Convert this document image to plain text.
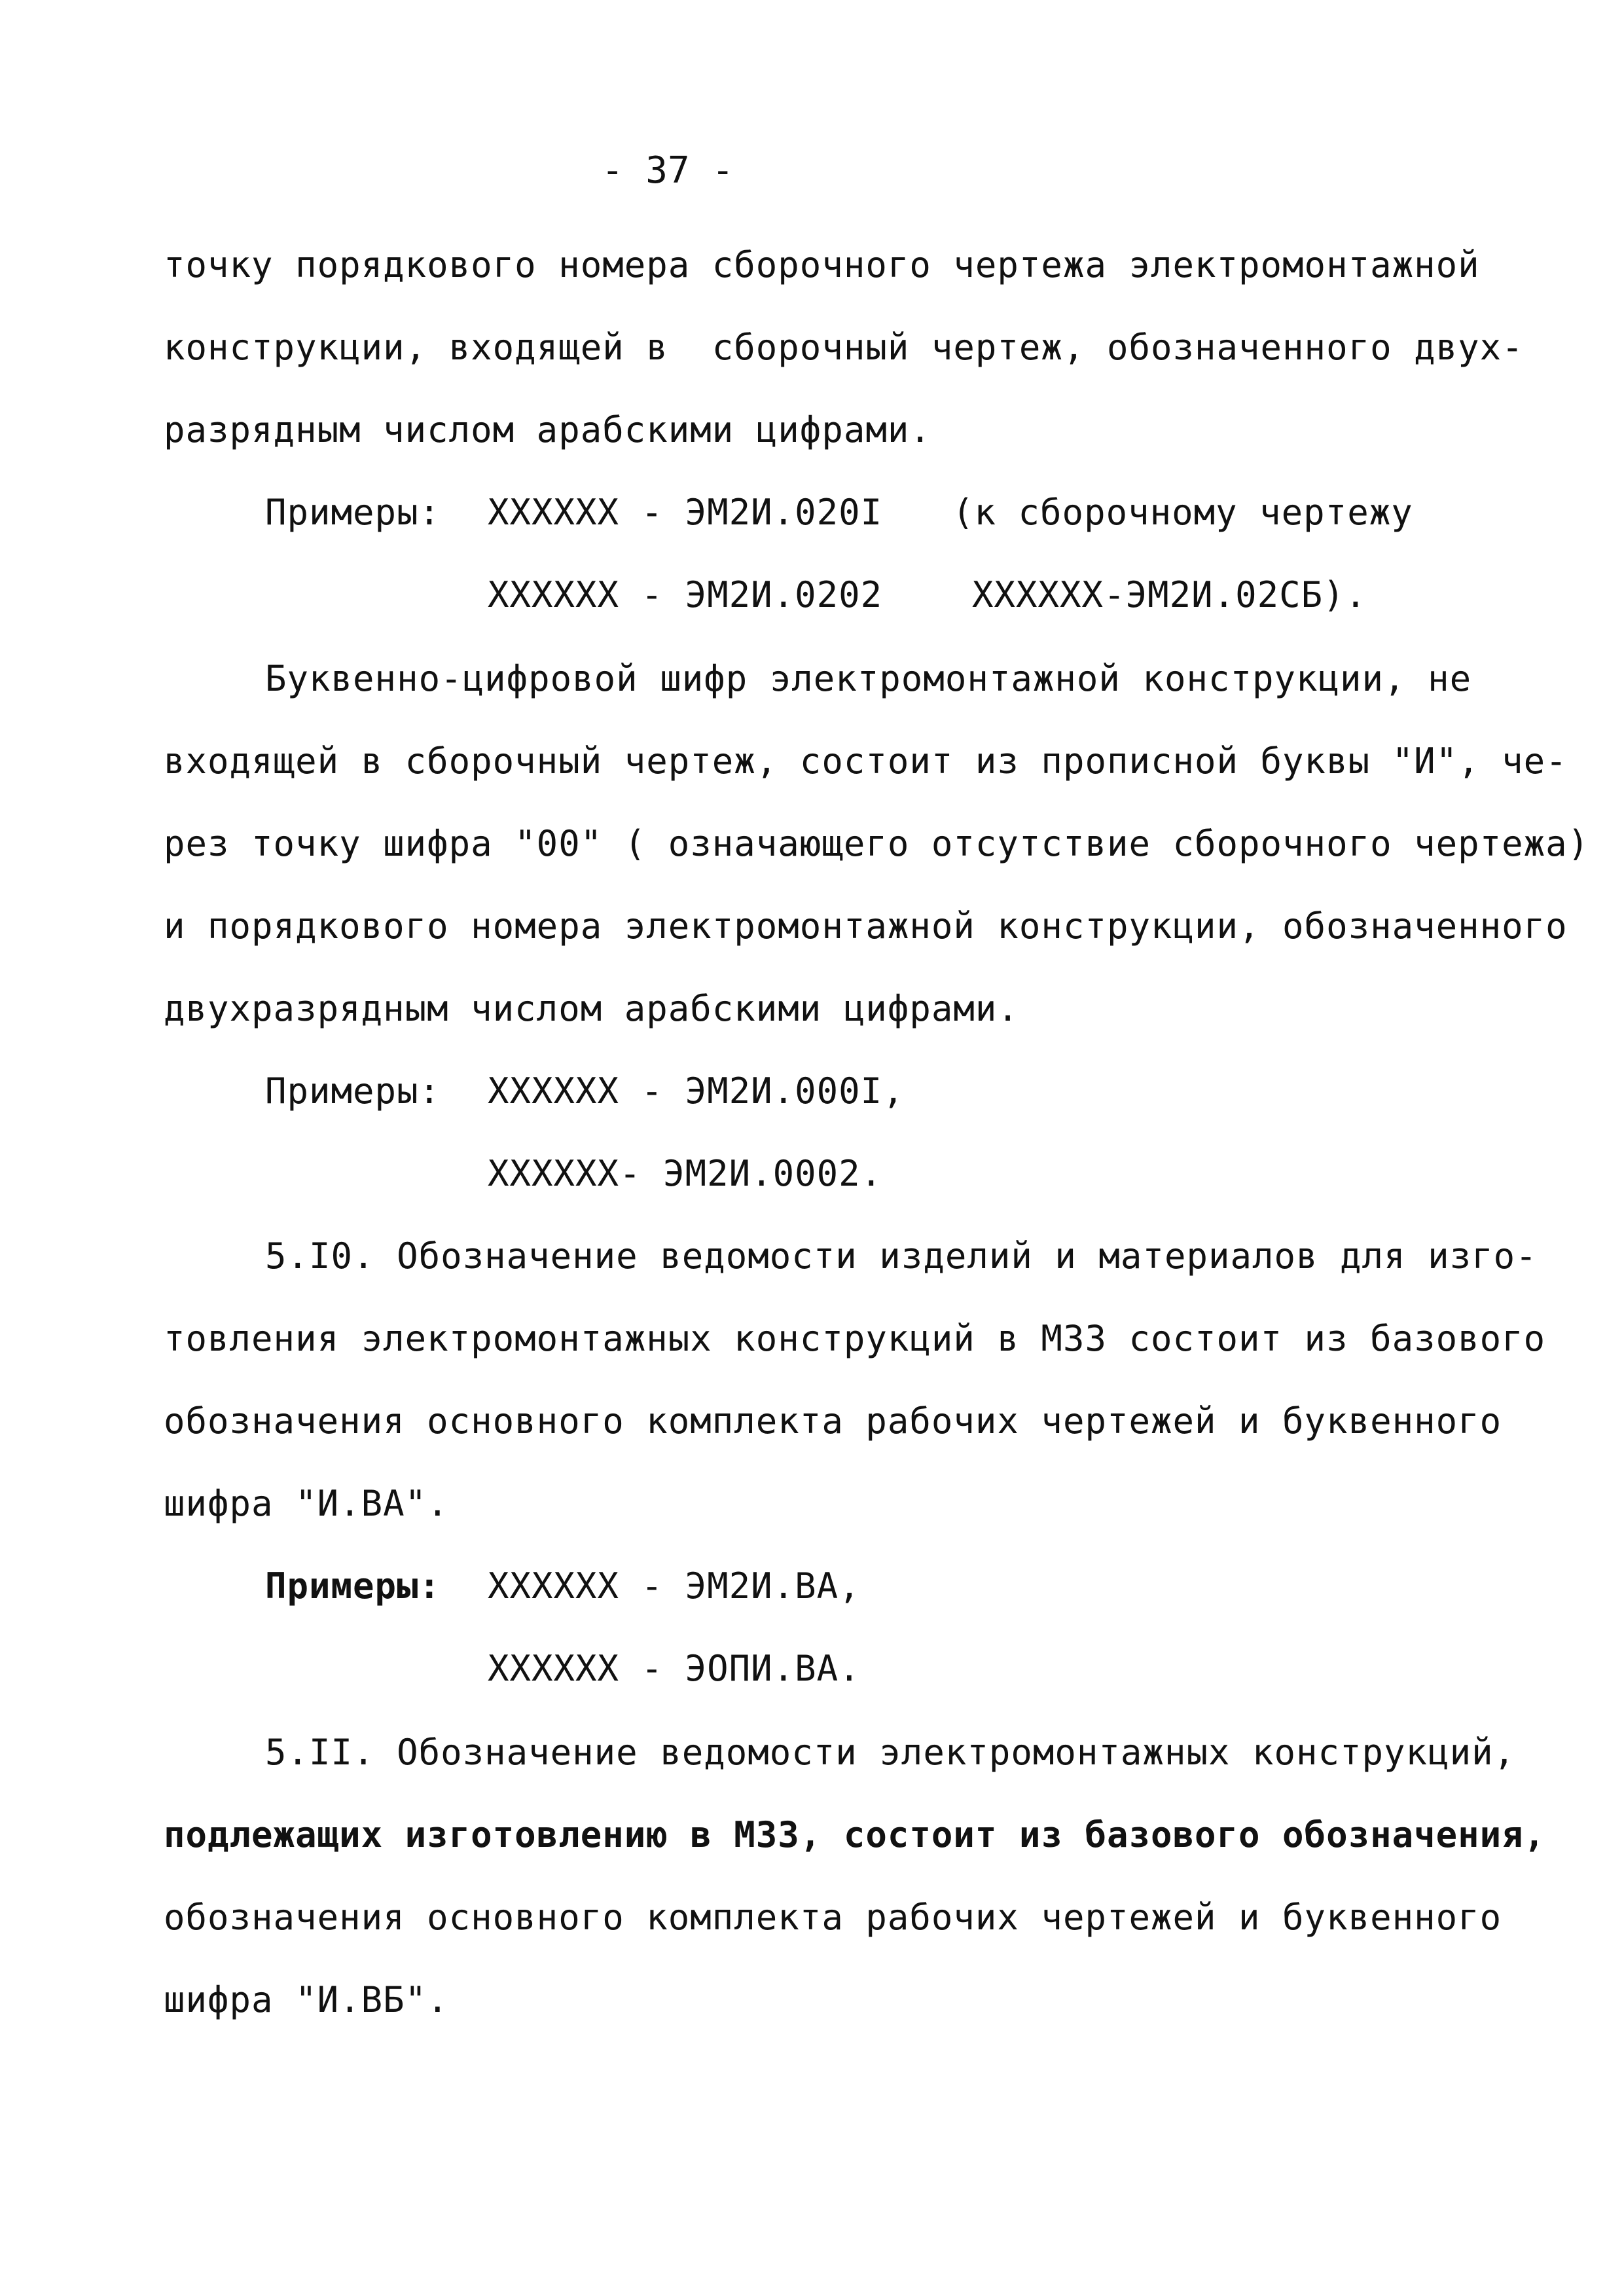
- 37 -
точку порядкового номера сборочного чертежа электромонтажной
конструкции, входящей в  сборочный чертеж, обозначенного двух-
разрядным числом арабскими цифрами.
Примеры: XXXXXX - ЭМ2И.020I (к сборочному чертежу
XXXXXX - ЭМ2И.0202	XXXXXX-ЭМ2И.02СБ).
Буквенно-цифровой шифр электромонтажной конструкции, не
входящей в сборочный чертеж, состоит из прописной буквы "И", че-
рез точку шифра "00" ( означающего отсутствие сборочного чертежа)
и порядкового номера электромонтажной конструкции, обозначенного
двухразрядным числом арабскими цифрами.
Примеры: XXXXXX - ЭМ2И.000I,
XXXXXX- ЭМ2И.0002.
5.I0. Обозначение ведомости изделий и материалов для изго-
товления электромонтажных конструкций в МЗЗ состоит из базового
обозначения основного комплекта рабочих чертежей и буквенного
шифра "И.ВА".
Примеры: XXXXXX - ЭМ2И.ВА,
XXXXXX - ЭОПИ.ВА.
5.II. Обозначение ведомости электромонтажных конструкций,
подлежащих изготовлению в МЗЗ, состоит из базового обозначения,
обозначения основного комплекта рабочих чертежей и буквенного
шифра "И.ВБ".
